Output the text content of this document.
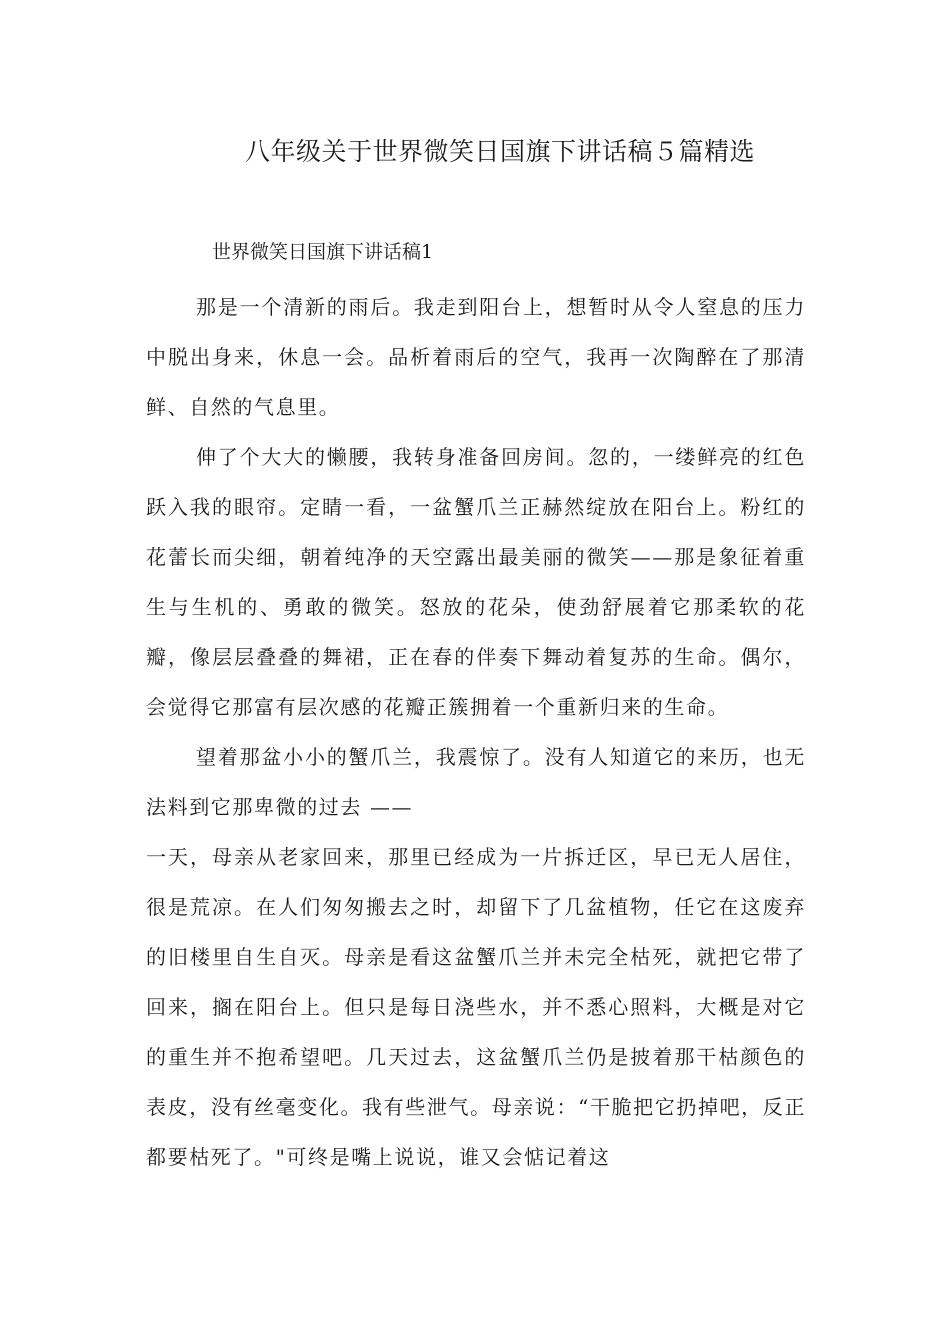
八年级关于世界微笑日国旗下讲话稿５篇精选
世界微笑日国旗下讲话稿1

那是一个清新的雨后。我走到阳台上，想暂时从令人窒息的压力中脱出身来，休息一会。品析着雨后的空气，我再一次陶醉在了那清鲜、自然的气息里。

伸了个大大的懒腰，我转身准备回房间。忽的，一缕鲜亮的红色跃入我的眼帘。定睛一看，一盆蟹爪兰正赫然绽放在阳台上。粉红的花蕾长而尖细，朝着纯净的天空露出最美丽的微笑——那是象征着重生与生机的、勇敢的微笑。怒放的花朵，使劲舒展着它那柔软的花瓣，像层层叠叠的舞裙，正在春的伴奏下舞动着复苏的生命。偶尔，会觉得它那富有层次感的花瓣正簇拥着一个重新归来的生命。

望着那盆小小的蟹爪兰，我震惊了。没有人知道它的来历，也无法料到它那卑微的过去 ——

一天，母亲从老家回来，那里已经成为一片拆迁区，早已无人居住，很是荒凉。在人们匆匆搬去之时，却留下了几盆植物，任它在这废弃的旧楼里自生自灭。母亲是看这盆蟹爪兰并未完全枯死，就把它带了回来，搁在阳台上。但只是每日浇些水，并不悉心照料，大概是对它的重生并不抱希望吧。几天过去，这盆蟹爪兰仍是披着那干枯颜色的表皮，没有丝毫变化。我有些泄气。母亲说：“干脆把它扔掉吧，反正都要枯死了。"可终是嘴上说说，谁又会惦记着这
